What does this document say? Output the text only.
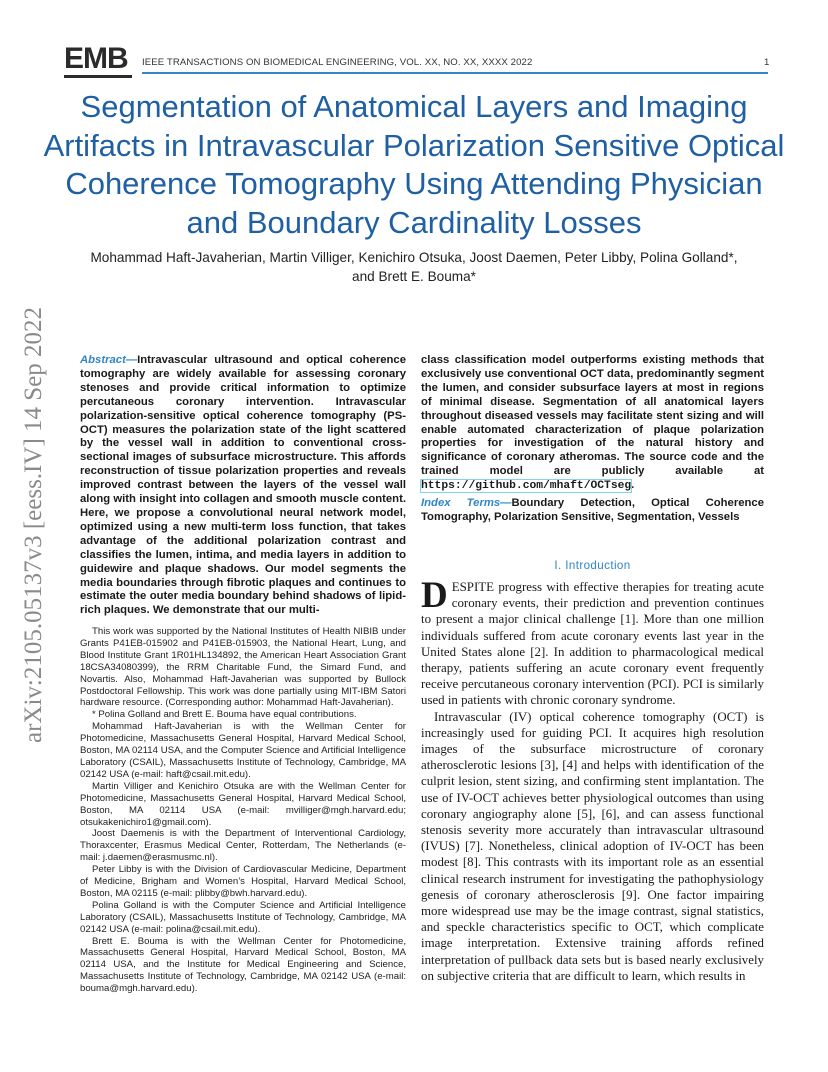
EMB IEEE TRANSACTIONS ON BIOMEDICAL ENGINEERING, VOL. XX, NO. XX, XXXX 2022	1
Segmentation of Anatomical Layers and Imaging Artifacts in Intravascular Polarization Sensitive Optical Coherence Tomography Using Attending Physician and Boundary Cardinality Losses
Mohammad Haft-Javaherian, Martin Villiger, Kenichiro Otsuka, Joost Daemen, Peter Libby, Polina Golland*, and Brett E. Bouma*
arXiv:2105.05137v3 [eess.IV] 14 Sep 2022	Abstract—Intravascular ultrasound and optical coherence tomography are widely available for assessing coronary stenoses and provide critical information to optimize percutaneous coronary intervention. Intravascular polarization-sensitive optical coherence tomography (PS-OCT) measures the polarization state of the light scattered by the vessel wall in addition to conventional cross-sectional images of subsurface microstructure. This affords reconstruction of tissue polarization properties and reveals improved contrast between the layers of the vessel wall along with insight into collagen and smooth muscle content. Here, we propose a convolutional neural network model, optimized using a new multi-term loss function, that takes advantage of the additional polarization contrast and classifies the lumen, intima, and media layers in addition to guidewire and plaque shadows. Our model segments the media boundaries through fibrotic plaques and continues to estimate the outer media boundary behind shadows of lipid-rich plaques. We demonstrate that our multi-
class classification model outperforms existing methods that exclusively use conventional OCT data, predominantly segment the lumen, and consider subsurface layers at most in regions of minimal disease. Segmentation of all anatomical layers throughout diseased vessels may facilitate stent sizing and will enable automated characterization of plaque polarization properties for investigation of the natural history and significance of coronary atheromas. The source code and the trained model are publicly available at https://github.com/mhaft/OCTseg.
Index Terms—Boundary Detection, Optical Coherence Tomography, Polarization Sensitive, Segmentation, Vessels

This work was supported by the National Institutes of Health NIBIB under Grants P41EB-015902 and P41EB-015903, the National Heart, Lung, and Blood Institute Grant 1R01HL134892, the American Heart Association Grant 18CSA34080399), the RRM Charitable Fund, the Simard Fund, and Novartis. Also, Mohammad Haft-Javaherian was supported by Bullock Postdoctoral Fellowship. This work was done partially using MIT-IBM Satori hardware resource. (Corresponding author: Mohammad Haft-Javaherian).

* Polina Golland and Brett E. Bouma have equal contributions.

Mohammad Haft-Javaherian is with the Wellman Center for Photomedicine, Massachusetts General Hospital, Harvard Medical School, Boston, MA 02114 USA, and the Computer Science and Artificial Intelligence Laboratory (CSAIL), Massachusetts Institute of Technology, Cambridge, MA 02142 USA (e-mail: haft@csail.mit.edu).

Martin Villiger and Kenichiro Otsuka are with the Wellman Center for Photomedicine, Massachusetts General Hospital, Harvard Medical School, Boston, MA 02114 USA (e-mail: mvilliger@mgh.harvard.edu; otsukakenichiro1@gmail.com).

Joost Daemenis is with the Department of Interventional Cardiology, Thoraxcenter, Erasmus Medical Center, Rotterdam, The Netherlands (e-mail: j.daemen@erasmusmc.nl).

Peter Libby is with the Division of Cardiovascular Medicine, Department of Medicine, Brigham and Women’s Hospital, Harvard Medical School, Boston, MA 02115 (e-mail: plibby@bwh.harvard.edu).

Polina Golland is with the Computer Science and Artificial Intelligence Laboratory (CSAIL), Massachusetts Institute of Technology, Cambridge, MA 02142 USA (e-mail: polina@csail.mit.edu).

Brett E. Bouma is with the Wellman Center for Photomedicine, Massachusetts General Hospital, Harvard Medical School, Boston, MA 02114 USA, and the Institute for Medical Engineering and Science, Massachusetts Institute of Technology, Cambridge, MA 02142 USA (e-mail: bouma@mgh.harvard.edu).

I. Introduction

DESPITE progress with effective therapies for treating acute coronary events, their prediction and prevention continues to present a major clinical challenge [1]. More than one million individuals suffered from acute coronary events last year in the United States alone [2]. In addition to pharmacological medical therapy, patients suffering an acute coronary event frequently receive percutaneous coronary intervention (PCI). PCI is similarly used in patients with chronic coronary syndrome.

Intravascular (IV) optical coherence tomography (OCT) is increasingly used for guiding PCI. It acquires high resolution images of the subsurface microstructure of coronary atherosclerotic lesions [3], [4] and helps with identification of the culprit lesion, stent sizing, and confirming stent implantation. The use of IV-OCT achieves better physiological outcomes than using coronary angiography alone [5], [6], and can assess functional stenosis severity more accurately than intravascular ultrasound (IVUS) [7]. Nonetheless, clinical adoption of IV-OCT has been modest [8]. This contrasts with its important role as an essential clinical research instrument for investigating the pathophysiology genesis of coronary atherosclerosis [9]. One factor impairing more widespread use may be the image contrast, signal statistics, and speckle characteristics specific to OCT, which complicate image interpretation. Extensive training affords refined interpretation of pullback data sets but is based nearly exclusively on subjective criteria that are difficult to learn, which results in
